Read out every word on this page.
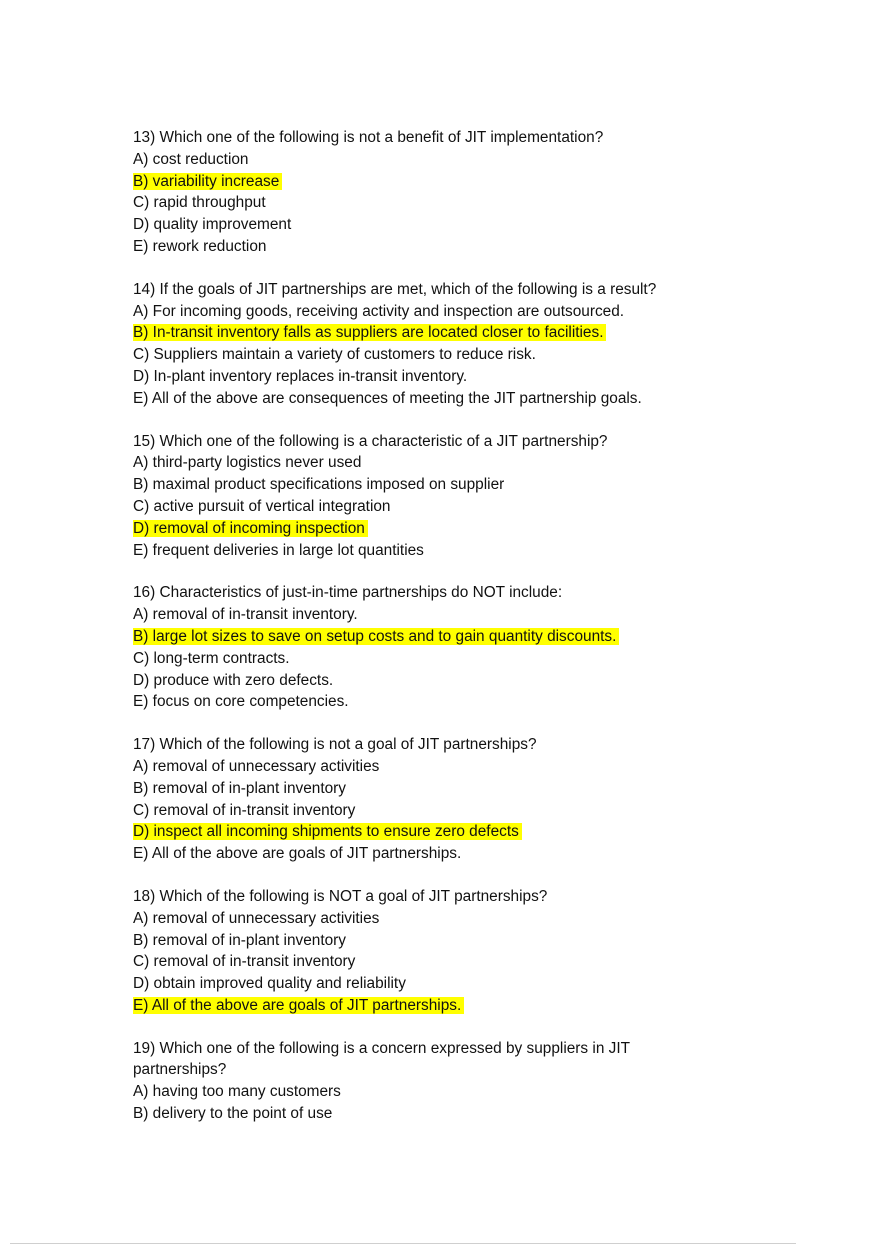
13) Which one of the following is not a benefit of JIT implementation?
A) cost reduction
B) variability increase
C) rapid throughput
D) quality improvement
E) rework reduction
14) If the goals of JIT partnerships are met, which of the following is a result?
A) For incoming goods, receiving activity and inspection are outsourced.
B) In-transit inventory falls as suppliers are located closer to facilities.
C) Suppliers maintain a variety of customers to reduce risk.
D) In-plant inventory replaces in-transit inventory.
E) All of the above are consequences of meeting the JIT partnership goals.
15) Which one of the following is a characteristic of a JIT partnership?
A) third-party logistics never used
B) maximal product specifications imposed on supplier
C) active pursuit of vertical integration
D) removal of incoming inspection
E) frequent deliveries in large lot quantities
16) Characteristics of just-in-time partnerships do NOT include:
A) removal of in-transit inventory.
B) large lot sizes to save on setup costs and to gain quantity discounts.
C) long-term contracts.
D) produce with zero defects.
E) focus on core competencies.
17) Which of the following is not a goal of JIT partnerships?
A) removal of unnecessary activities
B) removal of in-plant inventory
C) removal of in-transit inventory
D) inspect all incoming shipments to ensure zero defects
E) All of the above are goals of JIT partnerships.
18) Which of the following is NOT a goal of JIT partnerships?
A) removal of unnecessary activities
B) removal of in-plant inventory
C) removal of in-transit inventory
D) obtain improved quality and reliability
E) All of the above are goals of JIT partnerships.
19) Which one of the following is a concern expressed by suppliers in JIT partnerships?
A) having too many customers
B) delivery to the point of use
